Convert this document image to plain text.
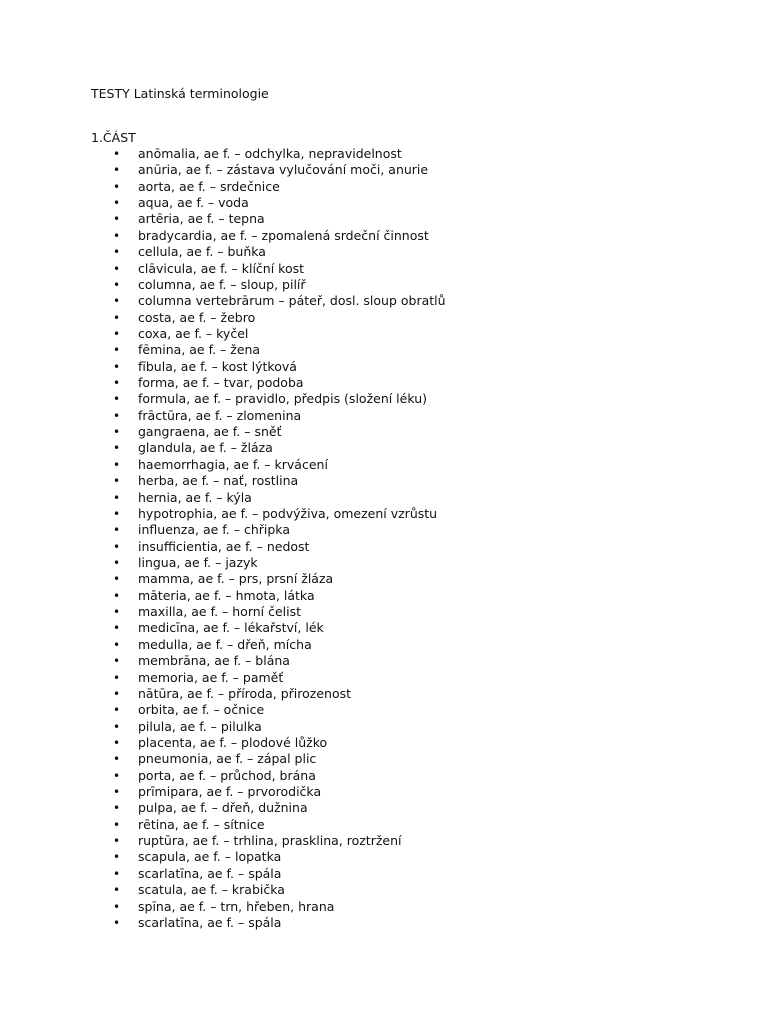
TESTY Latinská terminologie
1.ČÁST
• anōmalia, ae f. – odchylka, nepravidelnost
• anūria, ae f. – zástava vylučování moči, anurie
• aorta, ae f. – srdečnice
• aqua, ae f. – voda
• artēria, ae f. – tepna
• bradycardia, ae f. – zpomalená srdeční činnost
• cellula, ae f. – buňka
• clāvicula, ae f. – klíční kost
• columna, ae f. – sloup, pilíř
• columna vertebrārum – páteř, dosl. sloup obratlů
• costa, ae f. – žebro
• coxa, ae f. – kyčel
• fēmina, ae f. – žena
• fībula, ae f. – kost lýtková
• forma, ae f. – tvar, podoba
• formula, ae f. – pravidlo, předpis (složení léku)
• frāctūra, ae f. – zlomenina
• gangraena, ae f. – sněť
• glandula, ae f. – žláza
• haemorrhagia, ae f. – krvácení
• herba, ae f. – nať, rostlina
• hernia, ae f. – kýla
• hypotrophia, ae f. – podvýživa, omezení vzrůstu
• influenza, ae f. – chřipka
• insufficientia, ae f. – nedost
• lingua, ae f. – jazyk
• mamma, ae f. – prs, prsní žláza
• māteria, ae f. – hmota, látka
• maxilla, ae f. – horní čelist
• medicīna, ae f. – lékařství, lék
• medulla, ae f. – dřeň, mícha
• membrāna, ae f. – blána
• memoria, ae f. – paměť
• nātūra, ae f. – příroda, přirozenost
• orbita, ae f. – očnice
• pilula, ae f. – pilulka
• placenta, ae f. – plodové lůžko
• pneumonia, ae f. – zápal plic
• porta, ae f. – průchod, brána
• prīmipara, ae f. – prvorodička
• pulpa, ae f. – dřeň, dužnina
• rētina, ae f. – sítnice
• ruptūra, ae f. – trhlina, prasklina, roztržení
• scapula, ae f. – lopatka
• scarlatīna, ae f. – spála
• scatula, ae f. – krabička
• spīna, ae f. – trn, hřeben, hrana
• scarlatīna, ae f. – spála
